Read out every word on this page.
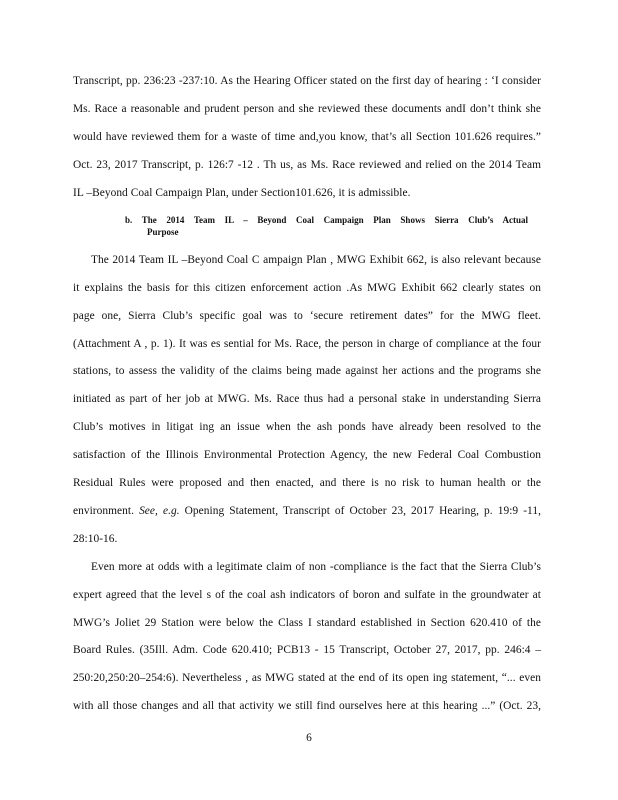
Transcript, pp. 236:23 -237:10. As the Hearing Officer stated on the first day of hearing : ‘I consider
Ms. Race a reasonable and prudent person and she reviewed these documents andI don’t think she
would have reviewed them for a waste of time and,you know, that’s all Section 101.626 requires.”
Oct. 23, 2017 Transcript, p. 126:7 -12 . Th us, as Ms. Race reviewed and relied on the 2014 Team
IL –Beyond Coal Campaign Plan, under Section101.626, it is admissible.
b. The 2014 Team IL – Beyond Coal Campaign Plan Shows Sierra Club’s Actual
Purpose
The 2014 Team IL –Beyond Coal C ampaign Plan , MWG Exhibit 662, is also relevant because
it explains the basis for this citizen enforcement action .As MWG Exhibit 662 clearly states on
page one, Sierra Club’s specific goal was to ‘secure retirement dates” for the MWG fleet.
(Attachment A , p. 1). It was es sential for Ms. Race, the person in charge of compliance at the four
stations, to assess the validity of the claims being made against her actions and the programs she
initiated as part of her job at MWG. Ms. Race thus had a personal stake in understanding Sierra
Club’s motives in litigat ing an issue when the ash ponds have already been resolved to the
satisfaction of the Illinois Environmental Protection Agency, the new Federal Coal Combustion
Residual Rules were proposed and then enacted, and there is no risk to human health or the
environment. See, e.g. Opening Statement, Transcript of October 23, 2017 Hearing, p. 19:9 -11,
28:10-16.
Even more at odds with a legitimate claim of non -compliance is the fact that the Sierra Club’s
expert agreed that the level s of the coal ash indicators of boron and sulfate in the groundwater at
MWG’s Joliet 29 Station were below the Class I standard established in Section 620.410 of the
Board Rules. (35Ill. Adm. Code 620.410; PCB13 - 15 Transcript, October 27, 2017, pp. 246:4 –
250:20,250:20–254:6). Nevertheless , as MWG stated at the end of its open ing statement, “... even
with all those changes and all that activity we still find ourselves here at this hearing ...” (Oct. 23,
6
